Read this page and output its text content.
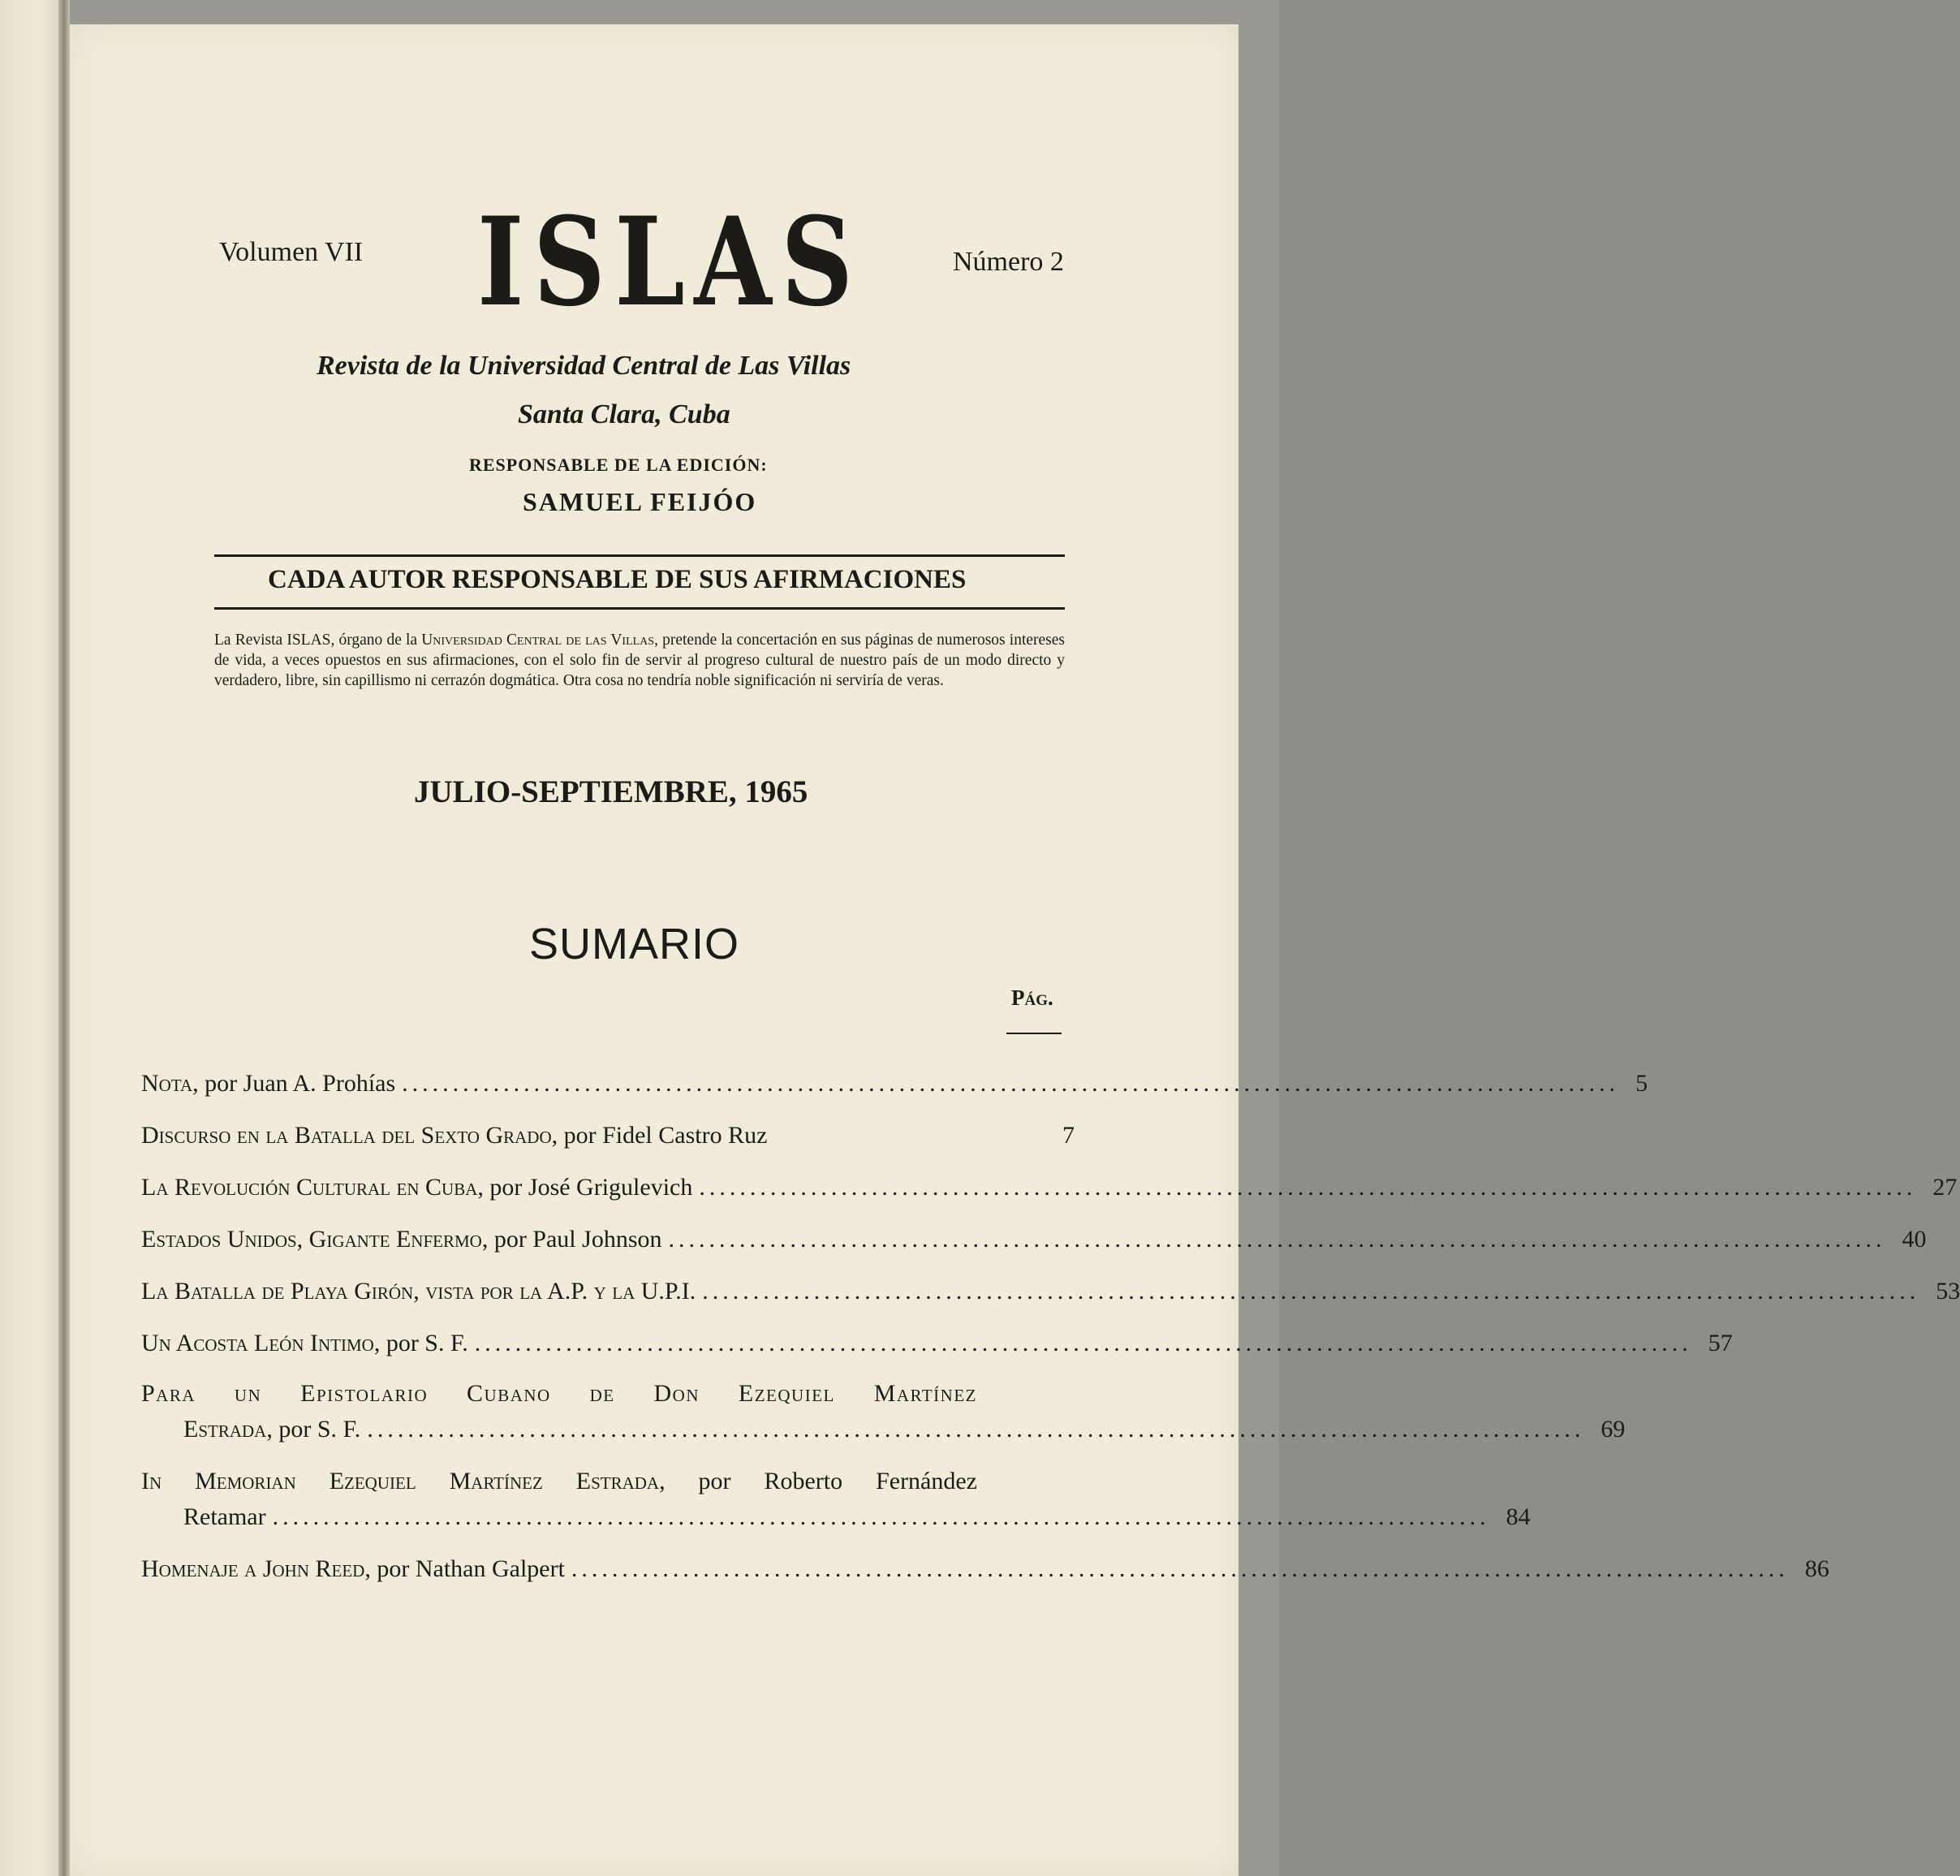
Volumen VII ISLAS	Número 2
Revista de la Universidad Central de Las Villas
Santa Clara, Cuba
RESPONSABLE DE LA EDICIÓN:
SAMUEL FEIJÓO
CADA AUTOR RESPONSABLE DE SUS AFIRMACIONES
La Revista ISLAS, órgano de la Universidad Central de las Villas, pretende la concertación en sus páginas de numerosos intereses de vida, a veces opuestos en sus afirmaciones, con el solo fin de servir al progreso cultural de nuestro país de un modo directo y verdadero, libre, sin capillismo ni cerrazón dogmática. Otra cosa no tendría noble significación ni serviría de veras.
JULIO-SEPTIEMBRE, 1965
SUMARIO
Pág.
Nota, por Juan A. Prohías ........................................................................................................................ 5
Discurso en la Batalla del Sexto Grado, por Fidel Castro Ruz	7
La Revolución Cultural en Cuba, por José Grigulevich ........................................................................................................................ 27
Estados Unidos, Gigante Enfermo, por Paul Johnson ........................................................................................................................ 40
La Batalla de Playa Girón, vista por la A.P. y la U.P.I. ........................................................................................................................ 53
Un Acosta León Intimo, por S. F. ........................................................................................................................ 57
Para un Epistolario Cubano de Don Ezequiel Martínez
Estrada, por S. F. ........................................................................................................................ 69
In Memorian Ezequiel Martínez Estrada, por Roberto Fernández
Retamar ........................................................................................................................ 84
Homenaje a John Reed, por Nathan Galpert ........................................................................................................................ 86
